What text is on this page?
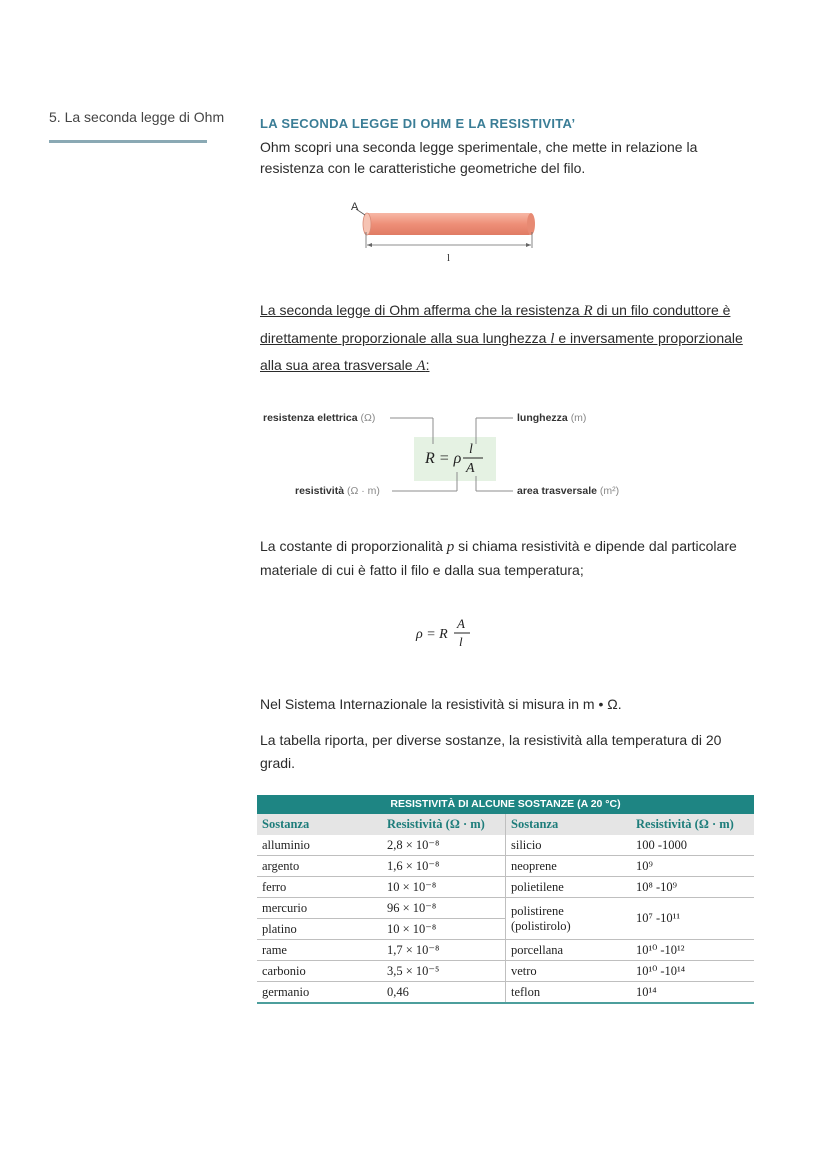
5. La seconda legge di Ohm	LA SECONDA LEGGE DI OHM E LA RESISTIVITA’
Ohm scopri una seconda legge sperimentale, che mette in relazione la resistenza con le caratteristiche geometriche del filo.
A
l
La seconda legge di Ohm afferma che la resistenza R di un filo conduttore è direttamente proporzionale alla sua lunghezza l e inversamente proporzionale alla sua area trasversale A:
resistenza elettrica (Ω)
resistività (Ω · m)
lunghezza (m)
area trasversale (m²)
R = ρ
l
A
La costante di proporzionalità p si chiama resistività e dipende dal particolare materiale di cui è fatto il filo e dalla sua temperatura;
ρ = R
A
l
Nel Sistema Internazionale la resistività si misura in m • Ω.
La tabella riporta, per diverse sostanze, la resistività alla temperatura di 20 gradi.
RESISTIVITÀ DI ALCUNE SOSTANZE (A 20 °C)
Sostanza	Resistività (Ω · m)	Sostanza	Resistività (Ω · m)
alluminio	2,8 × 10⁻⁸	silicio	100 -1000
argento	1,6 × 10⁻⁸	neoprene	10⁹
ferro	10 × 10⁻⁸	polietilene	10⁸ -10⁹
mercurio	96 × 10⁻⁸	polistirene (polistirolo)	10⁷ -10¹¹
platino	10 × 10⁻⁸		
rame	1,7 × 10⁻⁸	porcellana	10¹⁰ -10¹²
carbonio	3,5 × 10⁻⁵	vetro	10¹⁰ -10¹⁴
germanio	0,46	teflon	10¹⁴
